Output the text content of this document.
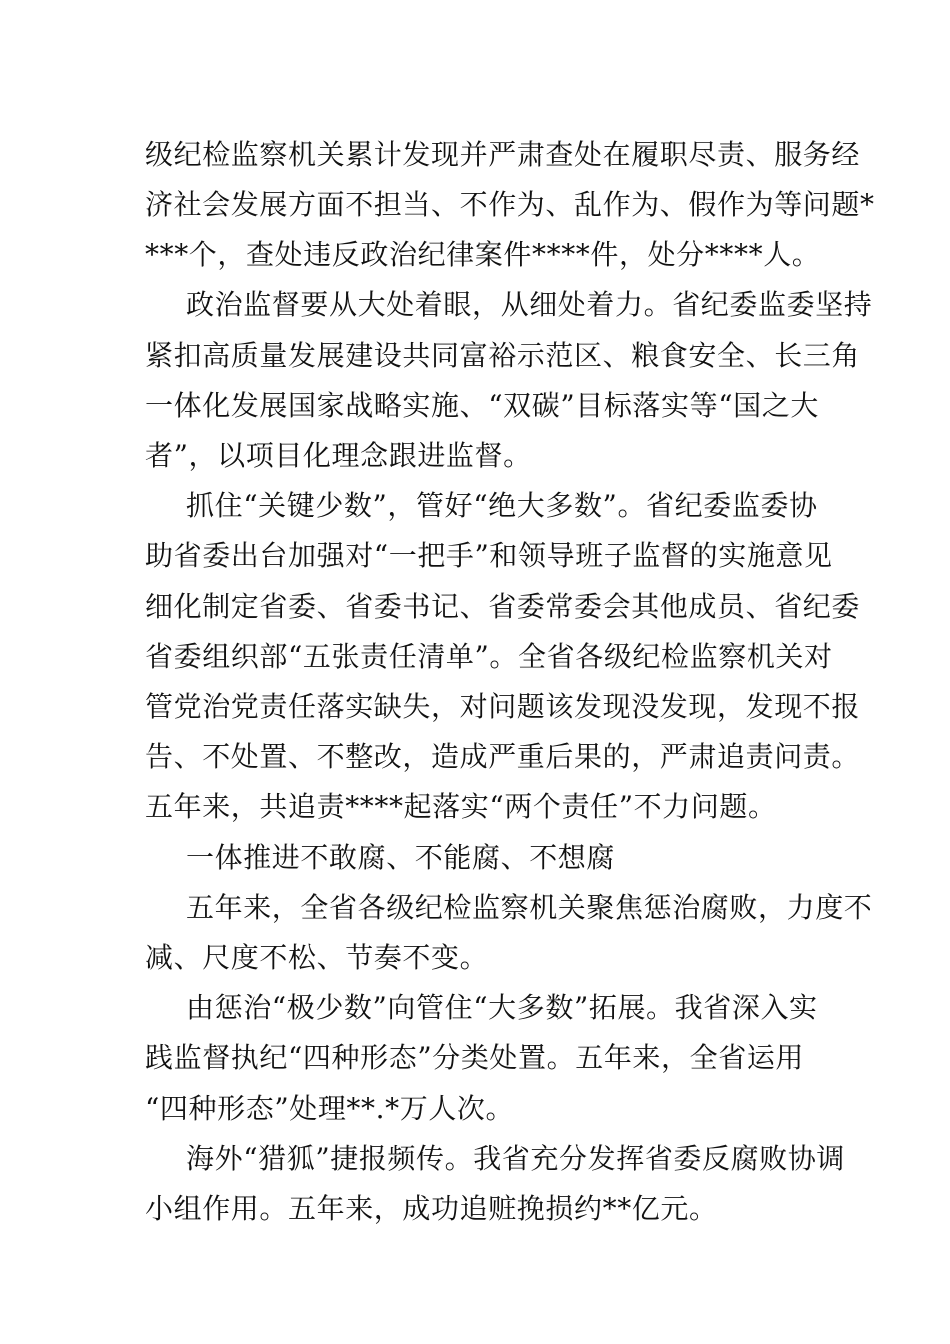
级纪检监察机关累计发现并严肃查处在履职尽责、服务经
济社会发展方面不担当、不作为、乱作为、假作为等问题*
***个，查处违反政治纪律案件****件，处分****人。
政治监督要从大处着眼，从细处着力。省纪委监委坚持
紧扣高质量发展建设共同富裕示范区、粮食安全、长三角
一体化发展国家战略实施、“双碳”目标落实等“国之大
者”，以项目化理念跟进监督。
抓住“关键少数”，管好“绝大多数”。省纪委监委协
助省委出台加强对“一把手”和领导班子监督的实施意见
细化制定省委、省委书记、省委常委会其他成员、省纪委
省委组织部“五张责任清单”。全省各级纪检监察机关对
管党治党责任落实缺失，对问题该发现没发现，发现不报
告、不处置、不整改，造成严重后果的，严肃追责问责。
五年来，共追责****起落实“两个责任”不力问题。
一体推进不敢腐、不能腐、不想腐
五年来，全省各级纪检监察机关聚焦惩治腐败，力度不
减、尺度不松、节奏不变。
由惩治“极少数”向管住“大多数”拓展。我省深入实
践监督执纪“四种形态”分类处置。五年来，全省运用
“四种形态”处理**.*万人次。
海外“猎狐”捷报频传。我省充分发挥省委反腐败协调
小组作用。五年来，成功追赃挽损约**亿元。
